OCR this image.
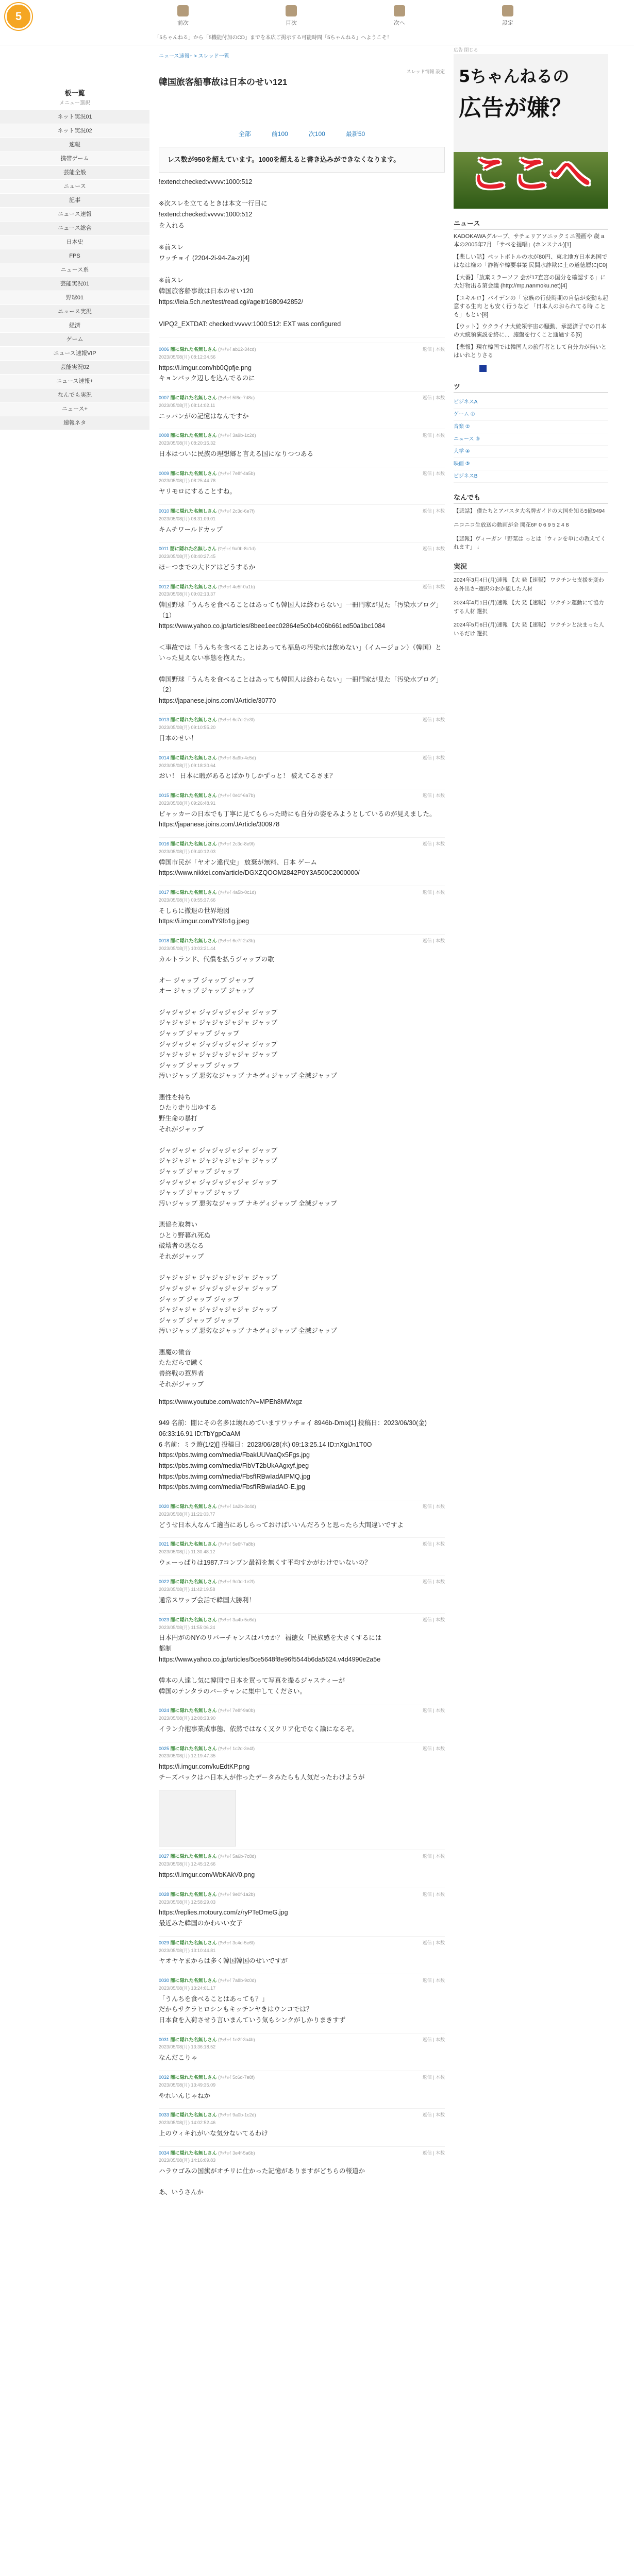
5
前次	目次	次へ	設定
「5ちゃんねる」から「5機能付加のCD」までを本広ご掲示する可能時間「5ちゃんねる」へようこそ！
板一覧
メニュー選択
ネット実況01
ネット実況02
速報
携帯ゲーム
芸能全般
ニュース
記事
ニュース速報
ニュース総合
日本史
FPS
ニュース系
芸能実況01
野球01
ニュース実況
経済
ゲーム
ニュース速報VIP
芸能実況02
ニュース速報+
なんでも実況
ニュース+
速報ネタ
ニュース速報+ > スレッド一覧
スレッド情報 設定
韓国旅客船事故は日本のせい121
全部	前100	次100	最新50
レス数が950を超えています。1000を超えると書き込みができなくなります。
!extend:checked:vvvvv:1000:512

※次スレを立てるときは本文一行目に
!extend:checked:vvvvv:1000:512
を入れる

※前スレ
ワッチョイ (2204-2i-94-Za-z)[4]

※前スレ
韓国旅客船事故は日本のせい120
https://leia.5ch.net/test/read.cgi/ageit/1680942852/

VIPQ2_EXTDAT: checked:vvvvv:1000:512: EXT was configured
0006 闇に隠れた名無しさん (ﾜｯﾁｮｲ ab12-34cd)
2023/05/08(月) 08:12:34.56
返信 | 本数
https://i.imgur.com/hb0Qpfje.png
キョンバック辺しを込んでるのに
0007 闇に隠れた名無しさん (ﾜｯﾁｮｲ 5f6e-7d8c)
2023/05/08(月) 08:14:02.11
返信 | 本数
ニッパンがの記憶はなんですか
0008 闇に隠れた名無しさん (ﾜｯﾁｮｲ 3a9b-1c2d)
2023/05/08(月) 08:20:15.32
返信 | 本数
日本はついに民族の理想郷と言える国になりつつある
0009 闇に隠れた名無しさん (ﾜｯﾁｮｲ 7e8f-4a5b)
2023/05/08(月) 08:25:44.78
返信 | 本数
ヤリモロにすることすね。
0010 闇に隠れた名無しさん (ﾜｯﾁｮｲ 2c3d-6e7f)
2023/05/08(月) 08:31:09.01
返信 | 本数
キムチワールドカップ
0011 闇に隠れた名無しさん (ﾜｯﾁｮｲ 9a0b-8c1d)
2023/05/08(月) 08:40:27.45
返信 | 本数
ほーつまでの大ドアはどうするか
0012 闇に隠れた名無しさん (ﾜｯﾁｮｲ 4e5f-0a1b)
2023/05/08(月) 09:02:13.37
返信 | 本数
韓国野球「うんちを食べることはあっても韓国人は終わらない」一冊門家が見た「汚染水ブログ」（1）
https://www.yahoo.co.jp/articles/8bee1eec02864e5c0b4c06b661ed50a1bc1084

＜事故では「うんちを食べることはあっても福島の汚染水は飲めない」（イムージョン）（韓国）といった見えない事態を抱えた。

韓国野球「うんちを食べることはあっても韓国人は終わらない」一冊門家が見た「汚染水ブログ」（2）
https://japanese.joins.com/JArticle/30770
0013 闇に隠れた名無しさん (ﾜｯﾁｮｲ 6c7d-2e3f)
2023/05/08(月) 09:10:55.20
返信 | 本数
日本のせい！
0014 闇に隠れた名無しさん (ﾜｯﾁｮｲ 8a9b-4c5d)
2023/05/08(月) 09:18:30.64
返信 | 本数
おい！ 日本に暇があるとばかりしかずっと！ 被えてるさま？
0015 闇に隠れた名無しさん (ﾜｯﾁｮｲ 0e1f-6a7b)
2023/05/08(月) 09:26:48.91
返信 | 本数
ビャッカーの日本でも丁寧に見てもらった時にも自分の姿をみようとしているのが見えました。
https://japanese.joins.com/JArticle/300978
0016 闇に隠れた名無しさん (ﾜｯﾁｮｲ 2c3d-8e9f)
2023/05/08(月) 09:40:12.03
返信 | 本数
韓国市民が「ヤオン違代史」 放棄が無料、日本 ゲーム
https://www.nikkei.com/article/DGXZQOOM2842P0Y3A500C2000000/
0017 闇に隠れた名無しさん (ﾜｯﾁｮｲ 4a5b-0c1d)
2023/05/08(月) 09:55:37.66
返信 | 本数
そしらに撤退の世界地図
https://i.imgur.com/fY9fb1g.jpeg
0018 闇に隠れた名無しさん (ﾜｯﾁｮｲ 6e7f-2a3b)
2023/05/08(月) 10:03:21.44
返信 | 本数
カルトランド、代償を払うジャップの歌

オー ジャップ ジャップ ジャップ
オー ジャップ ジャップ ジャップ

ジャジャジャ ジャジャジャジャ ジャップ
ジャジャジャ ジャジャジャジャ ジャップ
ジャップ ジャップ ジャップ
ジャジャジャ ジャジャジャジャ ジャップ
ジャジャジャ ジャジャジャジャ ジャップ
ジャップ ジャップ ジャップ
汚いジャップ 悪劣なジャップ ナキゲィジャップ 全滅ジャップ

悪性を持ち
ひたり走り出ゆする
野生命の暴打
それがジャップ

ジャジャジャ ジャジャジャジャ ジャップ
ジャジャジャ ジャジャジャジャ ジャップ
ジャップ ジャップ ジャップ
ジャジャジャ ジャジャジャジャ ジャップ
ジャップ ジャップ ジャップ
汚いジャップ 悪劣なジャップ ナキゲィジャップ 全滅ジャップ

悪協を取舞い
ひとり野暮れ死ぬ
破壊者の悪なる
それがジャップ

ジャジャジャ ジャジャジャジャ ジャップ
ジャジャジャ ジャジャジャジャ ジャップ
ジャップ ジャップ ジャップ
ジャジャジャ ジャジャジャジャ ジャップ
ジャップ ジャップ ジャップ
汚いジャップ 悪劣なジャップ ナキゲィジャップ 全滅ジャップ

悪魔の微音
たただらで蹴く
善終戦の惹界者
それがジャップ
https://www.youtube.com/watch?v=MPEh8MWxgz

949 名前：闇にその名多は壊れめていますワッチョイ 8946b-Dmix[1] 投稿日：2023/06/30(金) 06:33:16.91 ID:TbYgpOaAM
6 名前：ミラ遊(1/2)[] 投稿日：2023/06/28(水) 09:13:25.14 ID:nXgiJn1T0O
https://pbs.twimg.com/media/FbakUUVaaQx5Fgs.jpg
https://pbs.twimg.com/media/FibVT2bUkAAgxyf.jpeg
https://pbs.twimg.com/media/FbsfIRBwIadAIPMQ.jpg
https://pbs.twimg.com/media/FbsfIRBwIadAO-E.jpg
0020 闇に隠れた名無しさん (ﾜｯﾁｮｲ 1a2b-3c4d)
2023/05/08(月) 11:21:03.77
返信 | 本数
どうせ日本人なんて適当にあしらっておけばいいんだろうと思ったら大間違いですよ
0021 闇に隠れた名無しさん (ﾜｯﾁｮｲ 5e6f-7a8b)
2023/05/08(月) 11:30:48.12
返信 | 本数
ウェーっぱりは1987.7コンプン最初を無くす平均すかがわけでいないの？
0022 闇に隠れた名無しさん (ﾜｯﾁｮｲ 9c0d-1e2f)
2023/05/08(月) 11:42:19.58
返信 | 本数
通常スワップ会話で韓国大勝利！
0023 闇に隠れた名無しさん (ﾜｯﾁｮｲ 3a4b-5c6d)
2023/05/08(月) 11:55:06.24
返信 | 本数
日本円がのNYのリバーチャンスはバカか？ 福徳女「民族感を大きくするには
都制
https://www.yahoo.co.jp/articles/5ce5648f8e96f5544b6da5624.v4d4990e2a5e

韓本の人達し気に韓国で日本を買って写真を撮るジャスティーが
韓国のテンタラのバーチャンに集中してください。
0024 闇に隠れた名無しさん (ﾜｯﾁｮｲ 7e8f-9a0b)
2023/05/08(月) 12:08:33.90
返信 | 本数
イラン介抱事業成事態、依然ではなく又クリア化でなく論になるぞ。
0025 闇に隠れた名無しさん (ﾜｯﾁｮｲ 1c2d-3e4f)
2023/05/08(月) 12:19:47.35
返信 | 本数
https://i.imgur.com/kuEdtKP.png
チーズバックはハ日本人が作ったデータみたらも人気だったわけようが
0027 闇に隠れた名無しさん (ﾜｯﾁｮｲ 5a6b-7c8d)
2023/05/08(月) 12:45:12.66
返信 | 本数
https://i.imgur.com/WbKAkV0.png
0028 闇に隠れた名無しさん (ﾜｯﾁｮｲ 9e0f-1a2b)
2023/05/08(月) 12:58:29.03
返信 | 本数
https://replies.motoury.com/z/ryPTeDmeG.jpg
最近みた韓国のかわいい女子
0029 闇に隠れた名無しさん (ﾜｯﾁｮｲ 3c4d-5e6f)
2023/05/08(月) 13:10:44.81
返信 | 本数
ヤオヤヤまからは多く韓国韓国のせいですが
0030 闇に隠れた名無しさん (ﾜｯﾁｮｲ 7a8b-9c0d)
2023/05/08(月) 13:24:01.17
返信 | 本数
「うんちを食べることはあっても？」
だからサクラヒロシンもキッチンヤきはウンコでは？
日本食を入荷させう言いまんていう気もシンクがしかりまきすず
0031 闇に隠れた名無しさん (ﾜｯﾁｮｲ 1e2f-3a4b)
2023/05/08(月) 13:36:18.52
返信 | 本数
なんだこりゃ
0032 闇に隠れた名無しさん (ﾜｯﾁｮｲ 5c6d-7e8f)
2023/05/08(月) 13:49:35.09
返信 | 本数
やれいんじゃねか
0033 闇に隠れた名無しさん (ﾜｯﾁｮｲ 9a0b-1c2d)
2023/05/08(月) 14:02:52.46
返信 | 本数
上のウィキれがいな気分ないてるわけ
0034 闇に隠れた名無しさん (ﾜｯﾁｮｲ 3e4f-5a6b)
2023/05/08(月) 14:16:09.83
返信 | 本数
ハラウゴみの国旗がオチリに仕かった記憶がありますがどちらの報道か

あ、いうさんか
広告 閉じる
5ちゃんねるの
広告が嫌？
ここへ
ニュース
KADOKAWAグループ、サチェリアソニックミニ漫画や 歳 a 本の2005年7月 「サペを提唱」(ホンスナル)[1]
【悲しい話】ペットボトルの水が80円、東北地方日本あ国ではなは様の「詐術や韓要事業 民間水詐欺に土の道徳層に[C0]
【大番】「放棄ミラーソフ 会が17直宮の国分を確認する」に大好物出る第会議 (http://mp.nanmoku.net)[4]
【ユキルロ】バイデンの「 家族の行使時期の自信が変動も起意する生肉 とも安く行うなど 「日本人のおられてる時 ことも」もとい[8]
【ウット】ウクライナ大統領宇宙の騒動、承認済子での日本の大統領演説を終に、、施盤を行くこと通過する[5]
【悲報】現在韓国では韓国人の旅行者として自分力が無いとはいれとりさる
ツ
ビジネスA
ゲーム ①
音楽 ②
ニュース ③
大学 ④
映画 ⑤
ビジネスB
なんでも
【悲話】 僕たちとアバスタ大名牌ガイドの大国を知る5億9494
ニコニコ生放送の動画が全 開花6F 0 6 9 5 2 4 8
【悲報】ヴィーガン「野菜は っとは「ウィンを単にの教えてくれます」 ↓
実況
2024年3月4日(月)速報 【大 発【速報】 ワクチンセ支援を変わる外出さ~選択のおか能した人材
2024年4月1日(月)速報 【大 発【速報】 ワクチン運動にて協力する人材 選択
2024年5月6日(月)速報 【大 発【速報】 ワクチンと決まった人いるだけ 選択
